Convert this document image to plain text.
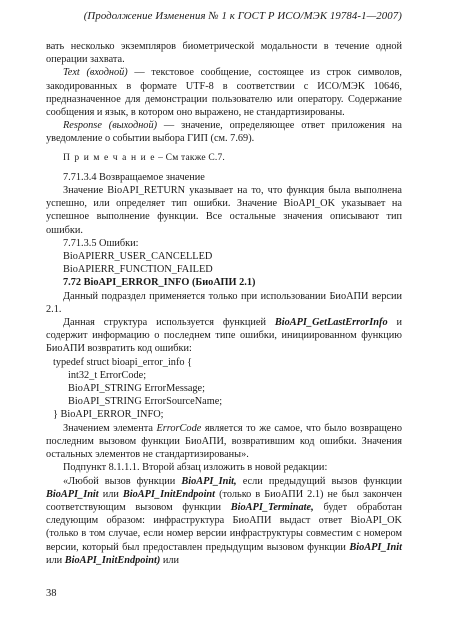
(Продолжение Изменения № 1 к ГОСТ Р ИСО/МЭК 19784-1—2007)

вать несколько экземпляров биометрической модальности в течение одной операции захвата.

Text (входной) — текстовое сообщение, состоящее из строк символов, закодированных в формате UTF-8 в соответствии с ИСО/МЭК 10646, предназначенное для демонстрации пользователю или оператору. Содержание сообщения и язык, в котором оно выражено, не стандартизированы.

Response (выходной) — значение, определяющее ответ приложения на уведомление о событии выбора ГИП (см. 7.69).

П р и м е ч а н и е – См также С.7.

7.71.3.4 Возвращаемое значение

Значение BioAPI_RETURN указывает на то, что функция была выполнена успешно, или определяет тип ошибки. Значение BioAPI_OK указывает на успешное выполнение функции. Все остальные значения описывают тип ошибки.

7.71.3.5 Ошибки:

BioAPIERR_USER_CANCELLED

BioAPIERR_FUNCTION_FAILED

7.72 BioAPI_ERROR_INFO (БиоАПИ 2.1)

Данный подраздел применяется только при использовании БиоАПИ версии 2.1.

Данная структура используется функцией BioAPI_GetLastErrorInfo и содержит информацию о последнем типе ошибки, инициированном функцию БиоАПИ возвратить код ошибки:

typedef struct bioapi_error_info {
int32_t ErrorCode;
BioAPI_STRING ErrorMessage;
BioAPI_STRING ErrorSourceName;
} BioAPI_ERROR_INFO;

Значением элемента ErrorCode является то же самое, что было возвращено последним вызовом функции БиоАПИ, возвратившим код ошибки. Значения остальных элементов не стандартизированы».

Подпункт 8.1.1.1. Второй абзац изложить в новой редакции:

«Любой вызов функции BioAPI_Init, если предыдущий вызов функции BioAPI_Init или BioAPI_InitEndpoint (только в БиоАПИ 2.1) не был закончен соответствующим вызовом функции BioAPI_Terminate, будет обработан следующим образом: инфраструктура БиоАПИ выдаст ответ BioAPI_OK (только в том случае, если номер версии инфраструктуры совместим с номером версии, который был предоставлен предыдущим вызовом функции BioAPI_Init или BioAPI_InitEndpoint) или

38
